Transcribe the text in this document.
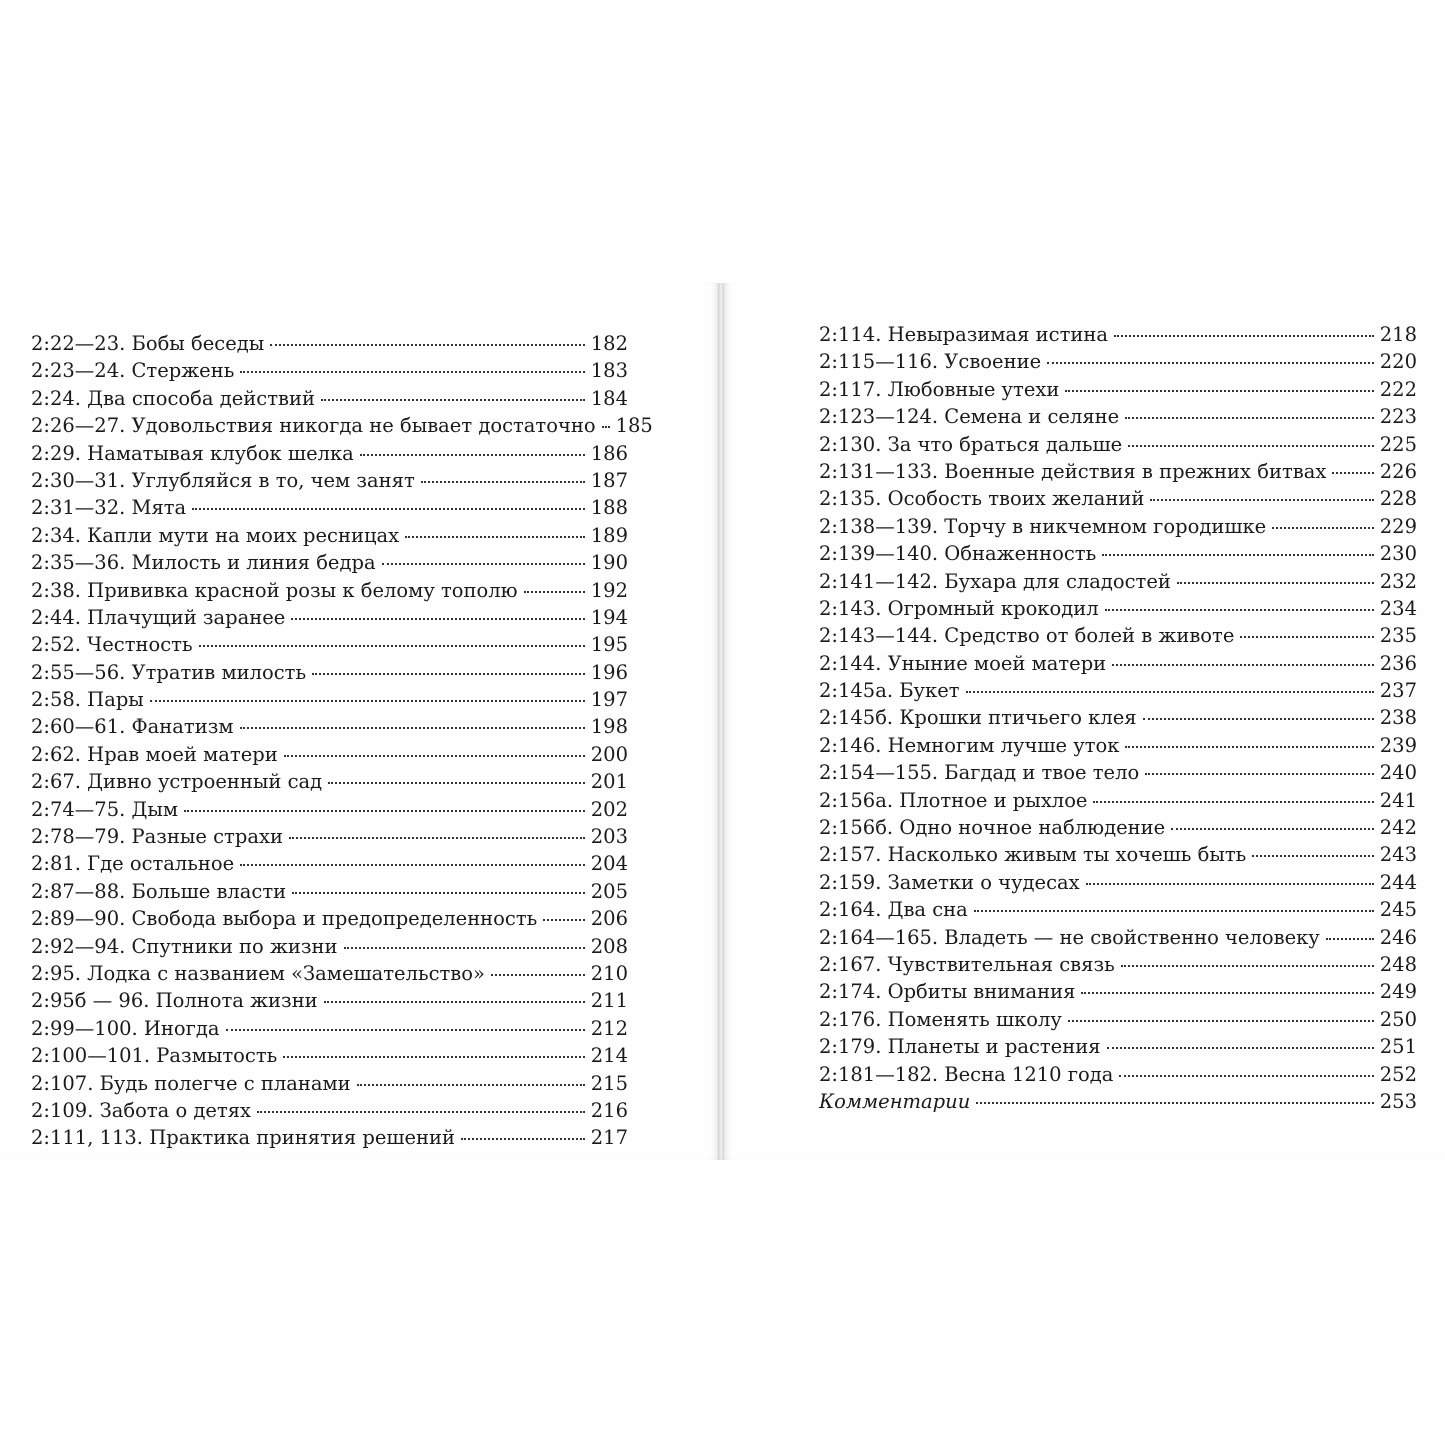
2:22—23. Бобы беседы	182
2:23—24. Стержень	183
2:24. Два способа действий	184
2:26—27. Удовольствия никогда не бывает достаточно 185
2:29. Наматывая клубок шелка	186
2:30—31. Углубляйся в то, чем занят	187
2:31—32. Мята	188
2:34. Капли мути на моих ресницах	189
2:35—36. Милость и линия бедра	190
2:38. Прививка красной розы к белому тополю	192
2:44. Плачущий заранее	194
2:52. Честность	195
2:55—56. Утратив милость	196
2:58. Пары	197
2:60—61. Фанатизм	198
2:62. Нрав моей матери	200
2:67. Дивно устроенный сад	201
2:74—75. Дым	202
2:78—79. Разные страхи	203
2:81. Где остальное	204
2:87—88. Больше власти	205
2:89—90. Свобода выбора и предопределенность	206
2:92—94. Спутники по жизни	208
2:95. Лодка с названием «Замешательство»	210
2:95б — 96. Полнота жизни	211
2:99—100. Иногда	212
2:100—101. Размытость	214
2:107. Будь полегче с планами	215
2:109. Забота о детях	216
2:111, 113. Практика принятия решений	217
2:114. Невыразимая истина	218
2:115—116. Усвоение	220
2:117. Любовные утехи	222
2:123—124. Семена и селяне	223
2:130. За что браться дальше	225
2:131—133. Военные действия в прежних битвах	226
2:135. Особость твоих желаний	228
2:138—139. Торчу в никчемном городишке	229
2:139—140. Обнаженность	230
2:141—142. Бухара для сладостей	232
2:143. Огромный крокодил	234
2:143—144. Средство от болей в животе	235
2:144. Уныние моей матери	236
2:145а. Букет	237
2:145б. Крошки птичьего клея	238
2:146. Немногим лучше уток	239
2:154—155. Багдад и твое тело	240
2:156а. Плотное и рыхлое	241
2:156б. Одно ночное наблюдение	242
2:157. Насколько живым ты хочешь быть	243
2:159. Заметки о чудесах	244
2:164. Два сна	245
2:164—165. Владеть — не свойственно человеку	246
2:167. Чувствительная связь	248
2:174. Орбиты внимания	249
2:176. Поменять школу	250
2:179. Планеты и растения	251
2:181—182. Весна 1210 года	252
Комментарии	253
